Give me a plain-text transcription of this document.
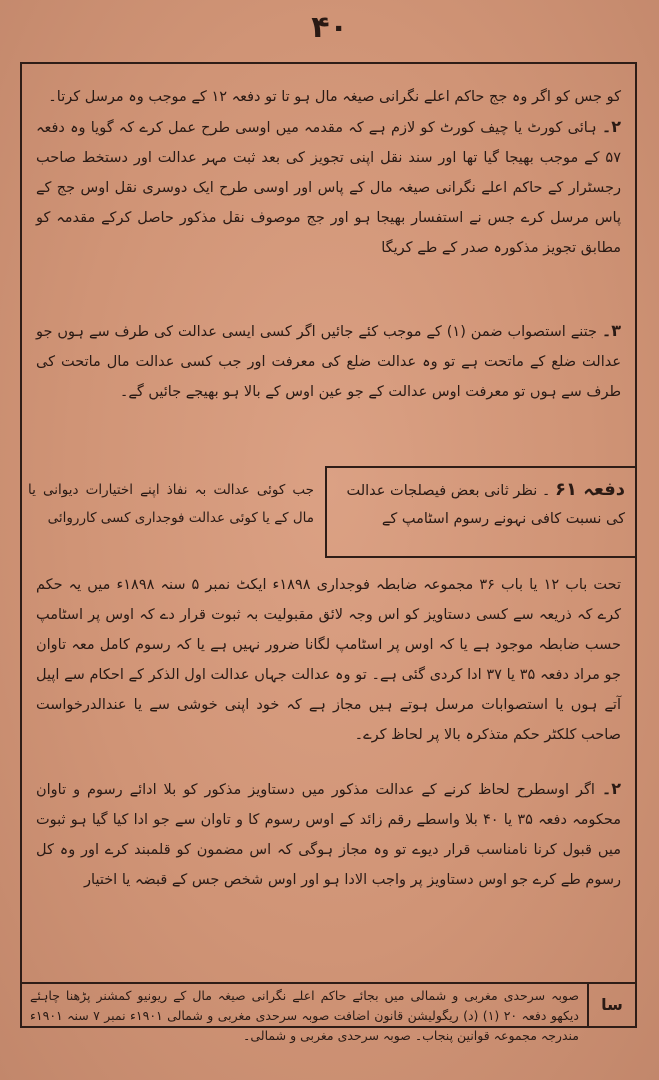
۴۰
کو جس کو اگر وہ جج حاکم اعلے نگرانی صیغہ مال ہو تا تو دفعہ ۱۲ کے موجب وہ مرسل کرتا۔
۲۔ ہائی کورٹ یا چیف کورٹ کو لازم ہے کہ مقدمہ میں اوسی طرح عمل کرے کہ گویا وہ دفعہ ۵۷ کے موجب بھیجا گیا تھا اور سند نقل اپنی تجویز کی بعد ثبت مہر عدالت اور دستخط صاحب رجسٹرار کے حاکم اعلے نگرانی صیغہ مال کے پاس اور اوسی طرح ایک دوسری نقل اوس جج کے پاس مرسل کرے جس نے استفسار بھیجا ہو اور جج موصوف نقل مذکور حاصل کرکے مقدمہ کو مطابق تجویز مذکورہ صدر کے طے کریگا
۳۔ جتنے استصواب ضمن (۱) کے موجب کئے جائیں اگر کسی ایسی عدالت کی طرف سے ہوں جو عدالت ضلع کے ماتحت ہے تو وہ عدالت ضلع کی معرفت اور جب کسی عدالت مال ماتحت کی طرف سے ہوں تو معرفت اوس عدالت کے جو عین اوس کے بالا ہو بھیجے جائیں گے۔
دفعہ ۶۱ ۔ نظر ثانی بعض فیصلجات عدالت کی نسبت کافی نہونے رسوم اسٹامپ کے
جب کوئی عدالت بہ نفاذ اپنے اختیارات دیوانی یا مال کے یا کوئی عدالت فوجداری کسی کارروائی
تحت باب ۱۲ یا باب ۳۶ مجموعہ ضابطہ فوجداری ۱۸۹۸ء ایکٹ نمبر ۵ سنہ ۱۸۹۸ء میں یہ حکم کرے کہ ذریعہ سے کسی دستاویز کو اس وجہ لائق مقبولیت بہ ثبوت قرار دے کہ اوس پر اسٹامپ حسب ضابطہ موجود ہے یا کہ اوس پر اسٹامپ لگانا ضرور نہیں ہے یا کہ رسوم کامل معہ تاوان جو مراد دفعہ ۳۵ یا ۳۷ ادا کردی گئی ہے۔ تو وہ عدالت جہاں عدالت اول الذکر کے احکام سے اپیل آتے ہوں یا استصوابات مرسل ہوتے ہیں مجاز ہے کہ خود اپنی خوشی سے یا عندالدرخواست صاحب کلکٹر حکم متذکرہ بالا پر لحاظ کرے۔
۲۔ اگر اوسطرح لحاظ کرنے کے عدالت مذکور میں دستاویز مذکور کو بلا ادائے رسوم و تاوان محکومہ دفعہ ۳۵ یا ۴۰ بلا واسطے رقم زائد کے اوس رسوم کا و تاوان سے جو ادا کیا گیا ہو ثبوت میں قبول کرنا نامناسب قرار دیوے تو وہ مجاز ہوگی کہ اس مضمون کو قلمبند کرے اور وہ کل رسوم طے کرے جو اوس دستاویز پر واجب الادا ہو اور اوس شخص جس کے قبضہ یا اختیار
سا
صوبہ سرحدی مغربی و شمالی میں بجائے حاکم اعلے نگرانی صیغہ مال کے ریونیو کمشنر پڑھنا چاہئے دیکھو دفعہ ۲۰ (۱) (د) ریگولیشن قانون اضافت صوبہ سرحدی مغربی و شمالی ۱۹۰۱ء نمبر ۷ سنہ ۱۹۰۱ء مندرجہ مجموعہ قوانین پنجاب۔ صوبہ سرحدی مغربی و شمالی۔
